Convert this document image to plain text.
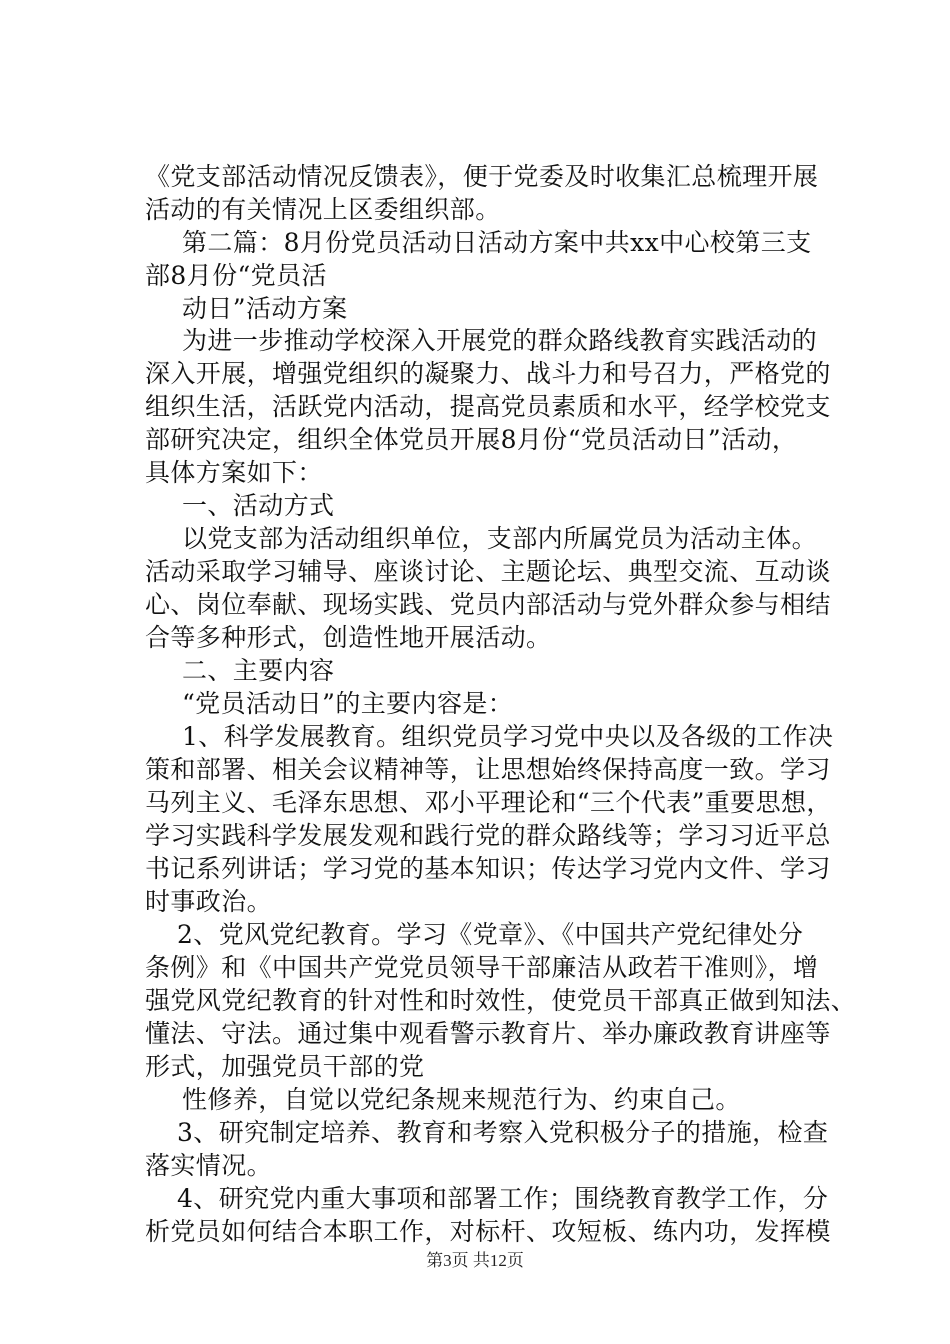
《党支部活动情况反馈表》，便于党委及时收集汇总梳理开展
活动的有关情况上区委组织部。
第二篇：8月份党员活动日活动方案中共xx中心校第三支
部8月份“党员活
动日”活动方案
为进一步推动学校深入开展党的群众路线教育实践活动的
深入开展，增强党组织的凝聚力、战斗力和号召力，严格党的
组织生活，活跃党内活动，提高党员素质和水平，经学校党支
部研究决定，组织全体党员开展8月份“党员活动日”活动，
具体方案如下：
一、活动方式
以党支部为活动组织单位，支部内所属党员为活动主体。
活动采取学习辅导、座谈讨论、主题论坛、典型交流、互动谈
心、岗位奉献、现场实践、党员内部活动与党外群众参与相结
合等多种形式，创造性地开展活动。
二、主要内容
“党员活动日”的主要内容是：
1、科学发展教育。组织党员学习党中央以及各级的工作决
策和部署、相关会议精神等，让思想始终保持高度一致。学习
马列主义、毛泽东思想、邓小平理论和“三个代表”重要思想，
学习实践科学发展发观和践行党的群众路线等；学习习近平总
书记系列讲话；学习党的基本知识；传达学习党内文件、学习
时事政治。
2、党风党纪教育。学习《党章》、《中国共产党纪律处分
条例》和《中国共产党党员领导干部廉洁从政若干准则》，增
强党风党纪教育的针对性和时效性，使党员干部真正做到知法、
懂法、守法。通过集中观看警示教育片、举办廉政教育讲座等
形式，加强党员干部的党
性修养，自觉以党纪条规来规范行为、约束自己。
3、研究制定培养、教育和考察入党积极分子的措施，检查
落实情况。
4、研究党内重大事项和部署工作；围绕教育教学工作，分
析党员如何结合本职工作，对标杆、攻短板、练内功，发挥模
第3页 共12页
